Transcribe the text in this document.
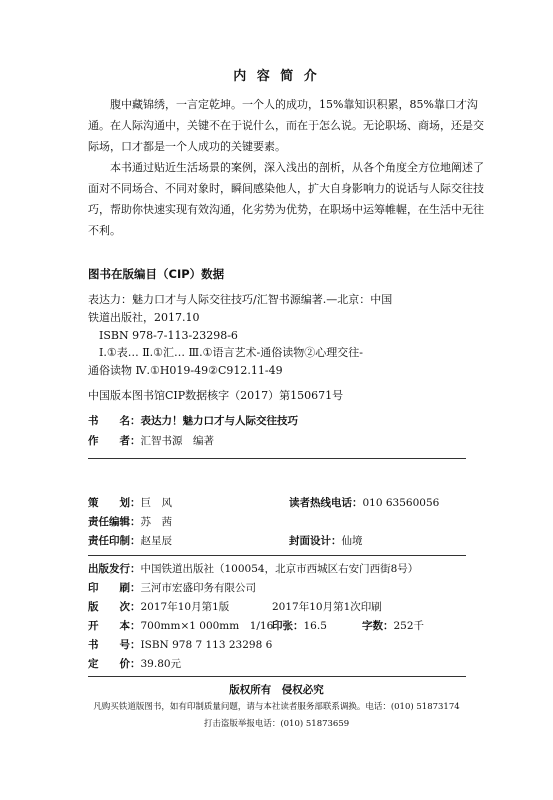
内 容 简 介

腹中藏锦绣，一言定乾坤。一个人的成功，15%靠知识积累，85%靠口才沟通。在人际沟通中，关键不在于说什么，而在于怎么说。无论职场、商场，还是交际场，口才都是一个人成功的关键要素。

本书通过贴近生活场景的案例，深入浅出的剖析，从各个角度全方位地阐述了面对不同场合、不同对象时，瞬间感染他人，扩大自身影响力的说话与人际交往技巧，帮助你快速实现有效沟通，化劣势为优势，在职场中运筹帷幄，在生活中无往不利。

图书在版编目（CIP）数据
表达力：魅力口才与人际交往技巧/汇智书源编著.—北京：中国
铁道出版社，2017.10
ISBN 978-7-113-23298-6
Ⅰ.①表… Ⅱ.①汇… Ⅲ.①语言艺术-通俗读物②心理交往-
通俗读物 Ⅳ.①H019-49②C912.11-49
中国版本图书馆CIP数据核字（2017）第150671号
书　　名：表达力！魅力口才与人际交往技巧
作　　者：汇智书源　编著
策　　划：巨　风	读者热线电话：010 63560056
责任编辑：苏　茜
责任印制：赵星辰	封面设计：仙境
出版发行：中国铁道出版社（100054，北京市西城区右安门西街8号）
印　　刷：三河市宏盛印务有限公司
版　　次：2017年10月第1版	2017年10月第1次印刷
开　　本：700mm×1 000mm　1/16
印张：16.5	字数：252千
书　　号：ISBN 978 7 113 23298 6
定　　价：39.80元
版权所有　侵权必究
凡购买铁道版图书，如有印制质量问题，请与本社读者服务部联系调换。电话：(010) 51873174
打击盗版举报电话：(010) 51873659
